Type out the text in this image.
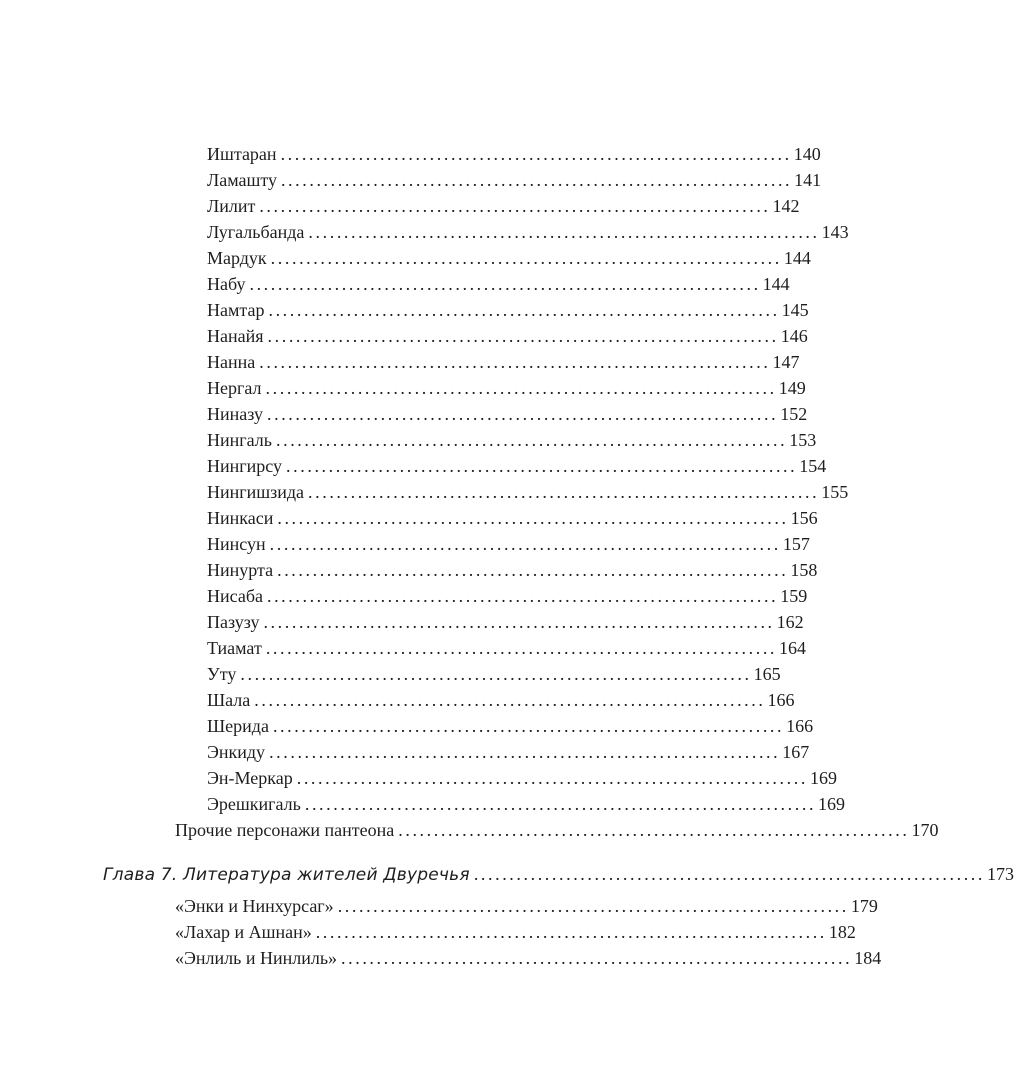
Иштаран ........................................................................ 140
Ламашту ........................................................................ 141
Лилит ........................................................................ 142
Лугальбанда ........................................................................ 143
Мардук ........................................................................ 144
Набу ........................................................................ 144
Намтар ........................................................................ 145
Нанайя ........................................................................ 146
Нанна ........................................................................ 147
Нергал ........................................................................ 149
Ниназу ........................................................................ 152
Нингаль ........................................................................ 153
Нингирсу ........................................................................ 154
Нингишзида ........................................................................ 155
Нинкаси ........................................................................ 156
Нинсун ........................................................................ 157
Нинурта ........................................................................ 158
Нисаба ........................................................................ 159
Пазузу ........................................................................ 162
Тиамат ........................................................................ 164
Уту ........................................................................ 165
Шала ........................................................................ 166
Шерида ........................................................................ 166
Энкиду ........................................................................ 167
Эн-Меркар ........................................................................ 169
Эрешкигаль ........................................................................ 169
Прочие персонажи пантеона ........................................................................ 170
Глава 7. Литература жителей Двуречья ........................................................................ 173
«Энки и Нинхурсаг» ........................................................................ 179
«Лахар и Ашнан» ........................................................................ 182
«Энлиль и Нинлиль» ........................................................................ 184
